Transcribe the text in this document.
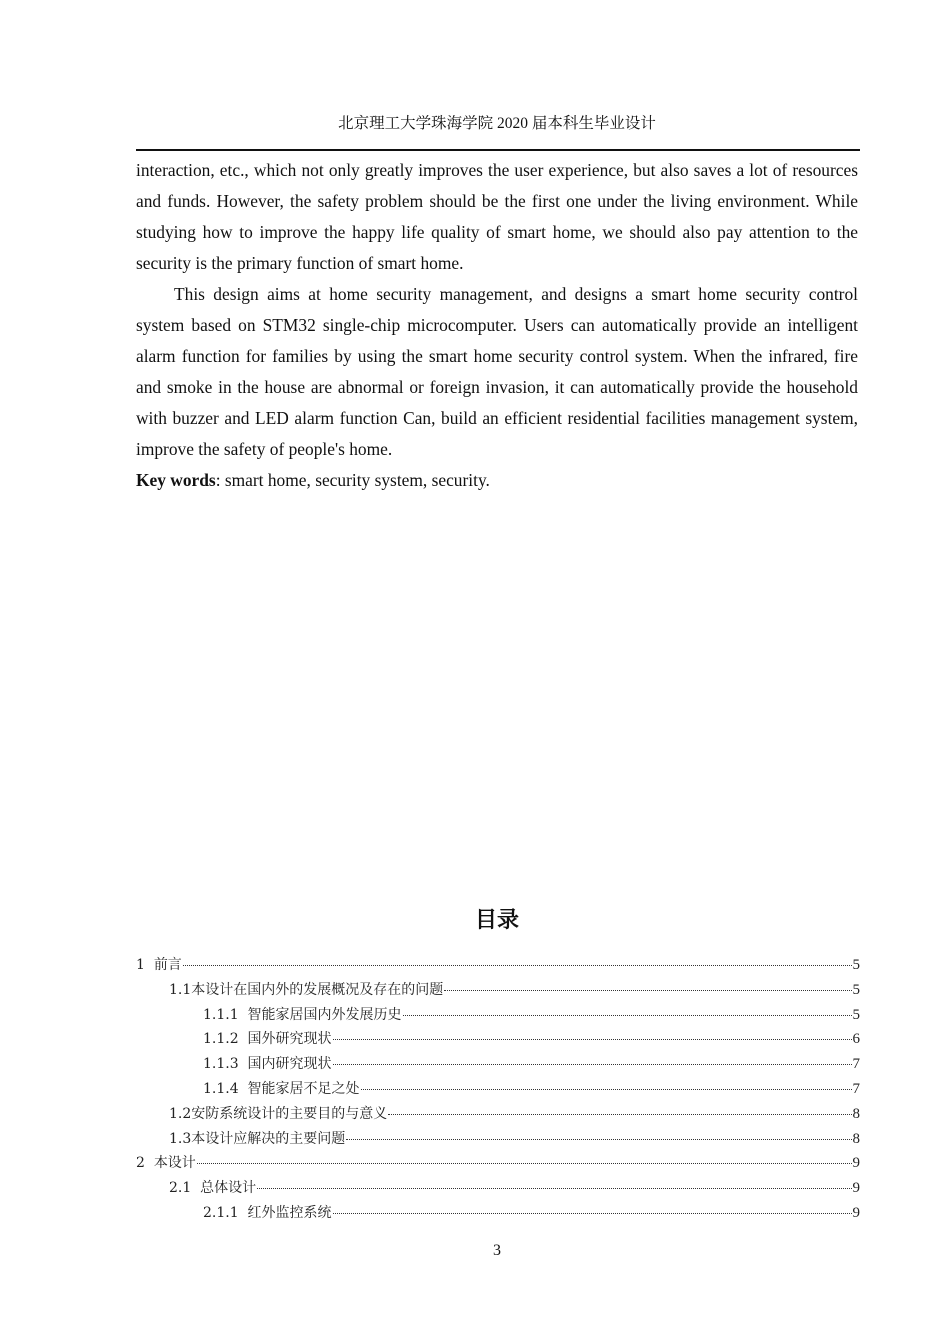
北京理工大学珠海学院 2020 届本科生毕业设计

interaction, etc., which not only greatly improves the user experience, but also saves a lot of resources and funds. However, the safety problem should be the first one under the living environment. While studying how to improve the happy life quality of smart home, we should also pay attention to the security is the primary function of smart home.

This design aims at home security management, and designs a smart home security control system based on STM32 single-chip microcomputer. Users can automatically provide an intelligent alarm function for families by using the smart home security control system. When the infrared, fire and smoke in the house are abnormal or foreign invasion, it can automatically provide the household with buzzer and LED alarm function Can, build an efficient residential facilities management system, improve the safety of people's home.

Key words: smart home, security system, security.

目录
1 前言	5
1.1 本设计在国内外的发展概况及存在的问题	5
1.1.1 智能家居国内外发展历史	5
1.1.2 国外研究现状	6
1.1.3 国内研究现状	7
1.1.4 智能家居不足之处	7
1.2 安防系统设计的主要目的与意义	8
1.3 本设计应解决的主要问题	8
2 本设计	9
2.1 总体设计	9
2.1.1 红外监控系统	9
3
